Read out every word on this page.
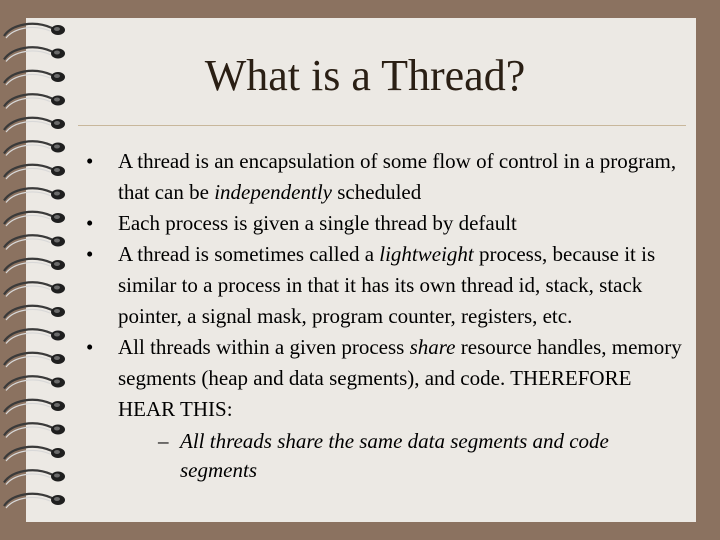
What is a Thread?
•	A thread is an encapsulation of some flow of control in a program, that can be independently scheduled
•	Each process is given a single thread by default
•	A thread is sometimes called a lightweight process, because it is similar to a process in that it has its own thread id, stack, stack pointer, a signal mask, program counter, registers, etc.
•	All threads within a given process share resource handles, memory segments (heap and data segments), and code. THEREFORE HEAR THIS:
– All threads share the same data segments and code segments
